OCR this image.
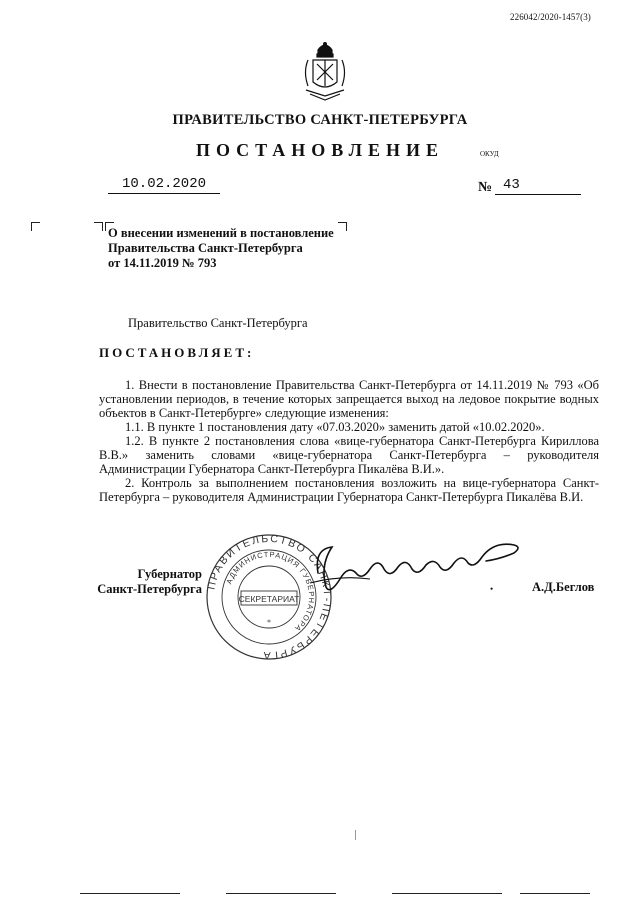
226042/2020-1457(3)
ПРАВИТЕЛЬСТВО САНКТ-ПЕТЕРБУРГА
ПОСТАНОВЛЕНИЕ	ОКУД
10.02.2020	№ 43
О внесении изменений в постановление
Правительства Санкт-Петербурга
от 14.11.2019 № 793
Правительство Санкт-Петербурга
ПОСТАНОВЛЯЕТ:

1. Внести в постановление Правительства Санкт-Петербурга от 14.11.2019 № 793 «Об установлении периодов, в течение которых запрещается выход на ледовое покрытие водных объектов в Санкт-Петербурге» следующие изменения:

1.1. В пункте 1 постановления дату «07.03.2020» заменить датой «10.02.2020».

1.2. В пункте 2 постановления слова «вице-губернатора Санкт-Петербурга Кириллова В.В.» заменить словами «вице-губернатора Санкт-Петербурга – руководителя Администрации Губернатора Санкт-Петербурга Пикалёва В.И.».

2. Контроль за выполнением постановления возложить на вице-губернатора Санкт-Петербурга – руководителя Администрации Губернатора Санкт-Петербурга Пикалёва В.И.

Губернатор
Санкт-Петербурга ПРАВИТЕЛЬСТВО САНКТ-ПЕТЕРБУРГА
АДМИНИСТРАЦИЯ ГУБЕРНАТОРА
СЕКРЕТАРИАТ
*
•	А.Д.Беглов
